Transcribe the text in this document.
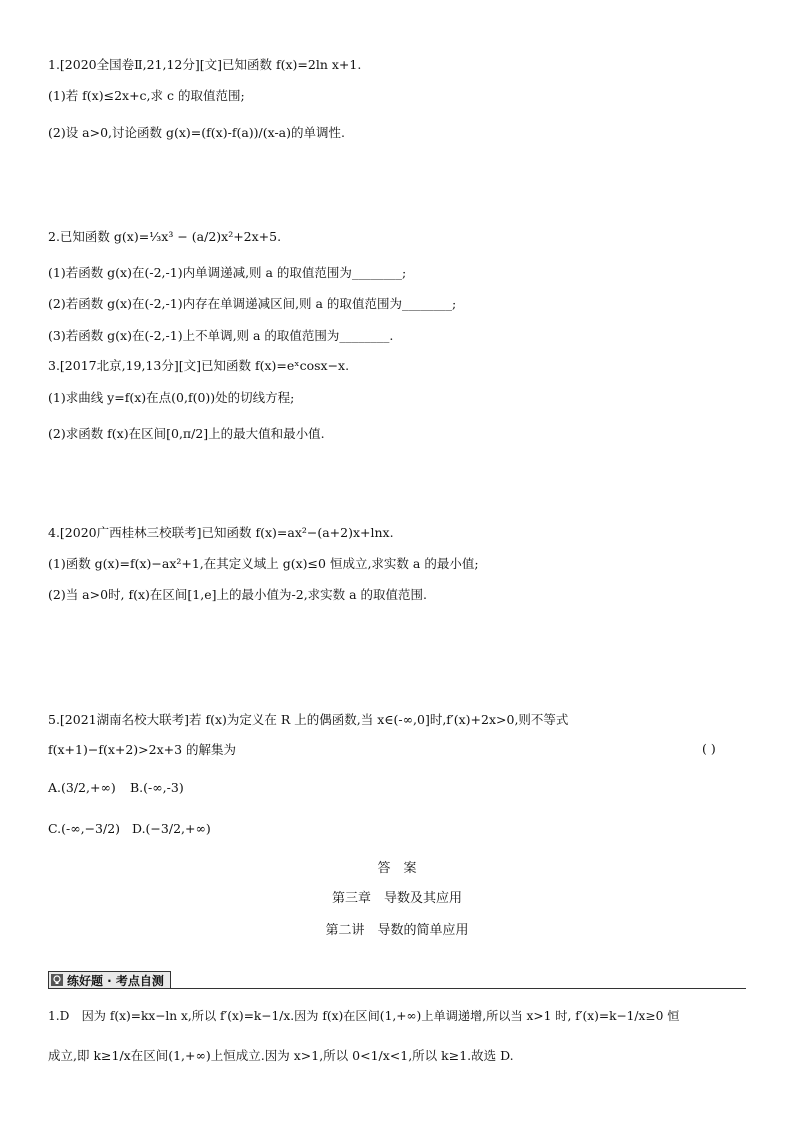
1.[2020全国卷Ⅱ,21,12分][文]已知函数 f(x)=2ln x+1.
(1)若 f(x)≤2x+c,求 c 的取值范围;
(2)设 a>0,讨论函数 g(x)=(f(x)-f(a))/(x-a)的单调性.
2.已知函数 g(x)=⅓x³ − (a/2)x²+2x+5.
(1)若函数 g(x)在(-2,-1)内单调递减,则 a 的取值范围为________;
(2)若函数 g(x)在(-2,-1)内存在单调递减区间,则 a 的取值范围为________;
(3)若函数 g(x)在(-2,-1)上不单调,则 a 的取值范围为________.
3.[2017北京,19,13分][文]已知函数 f(x)=eˣcosx−x.
(1)求曲线 y=f(x)在点(0,f(0))处的切线方程;
(2)求函数 f(x)在区间[0,π/2]上的最大值和最小值.
4.[2020广西桂林三校联考]已知函数 f(x)=ax²−(a+2)x+lnx.
(1)函数 g(x)=f(x)−ax²+1,在其定义域上 g(x)≤0 恒成立,求实数 a 的最小值;
(2)当 a>0时, f(x)在区间[1,e]上的最小值为-2,求实数 a 的取值范围.
5.[2021湖南名校大联考]若 f(x)为定义在 R 上的偶函数,当 x∈(-∞,0]时,f′(x)+2x>0,则不等式
f(x+1)−f(x+2)>2x+3 的解集为	( )
A.(3/2,+∞) B.(-∞,-3)
C.(-∞,−3/2) D.(−3/2,+∞)
答　案
第三章　导数及其应用
第二讲　导数的简单应用
练好题 · 考点自测
1.D　因为 f(x)=kx−ln x,所以 f′(x)=k−1/x.因为 f(x)在区间(1,+∞)上单调递增,所以当 x>1 时, f′(x)=k−1/x≥0 恒
成立,即 k≥1/x在区间(1,+∞)上恒成立.因为 x>1,所以 0<1/x<1,所以 k≥1.故选 D.
